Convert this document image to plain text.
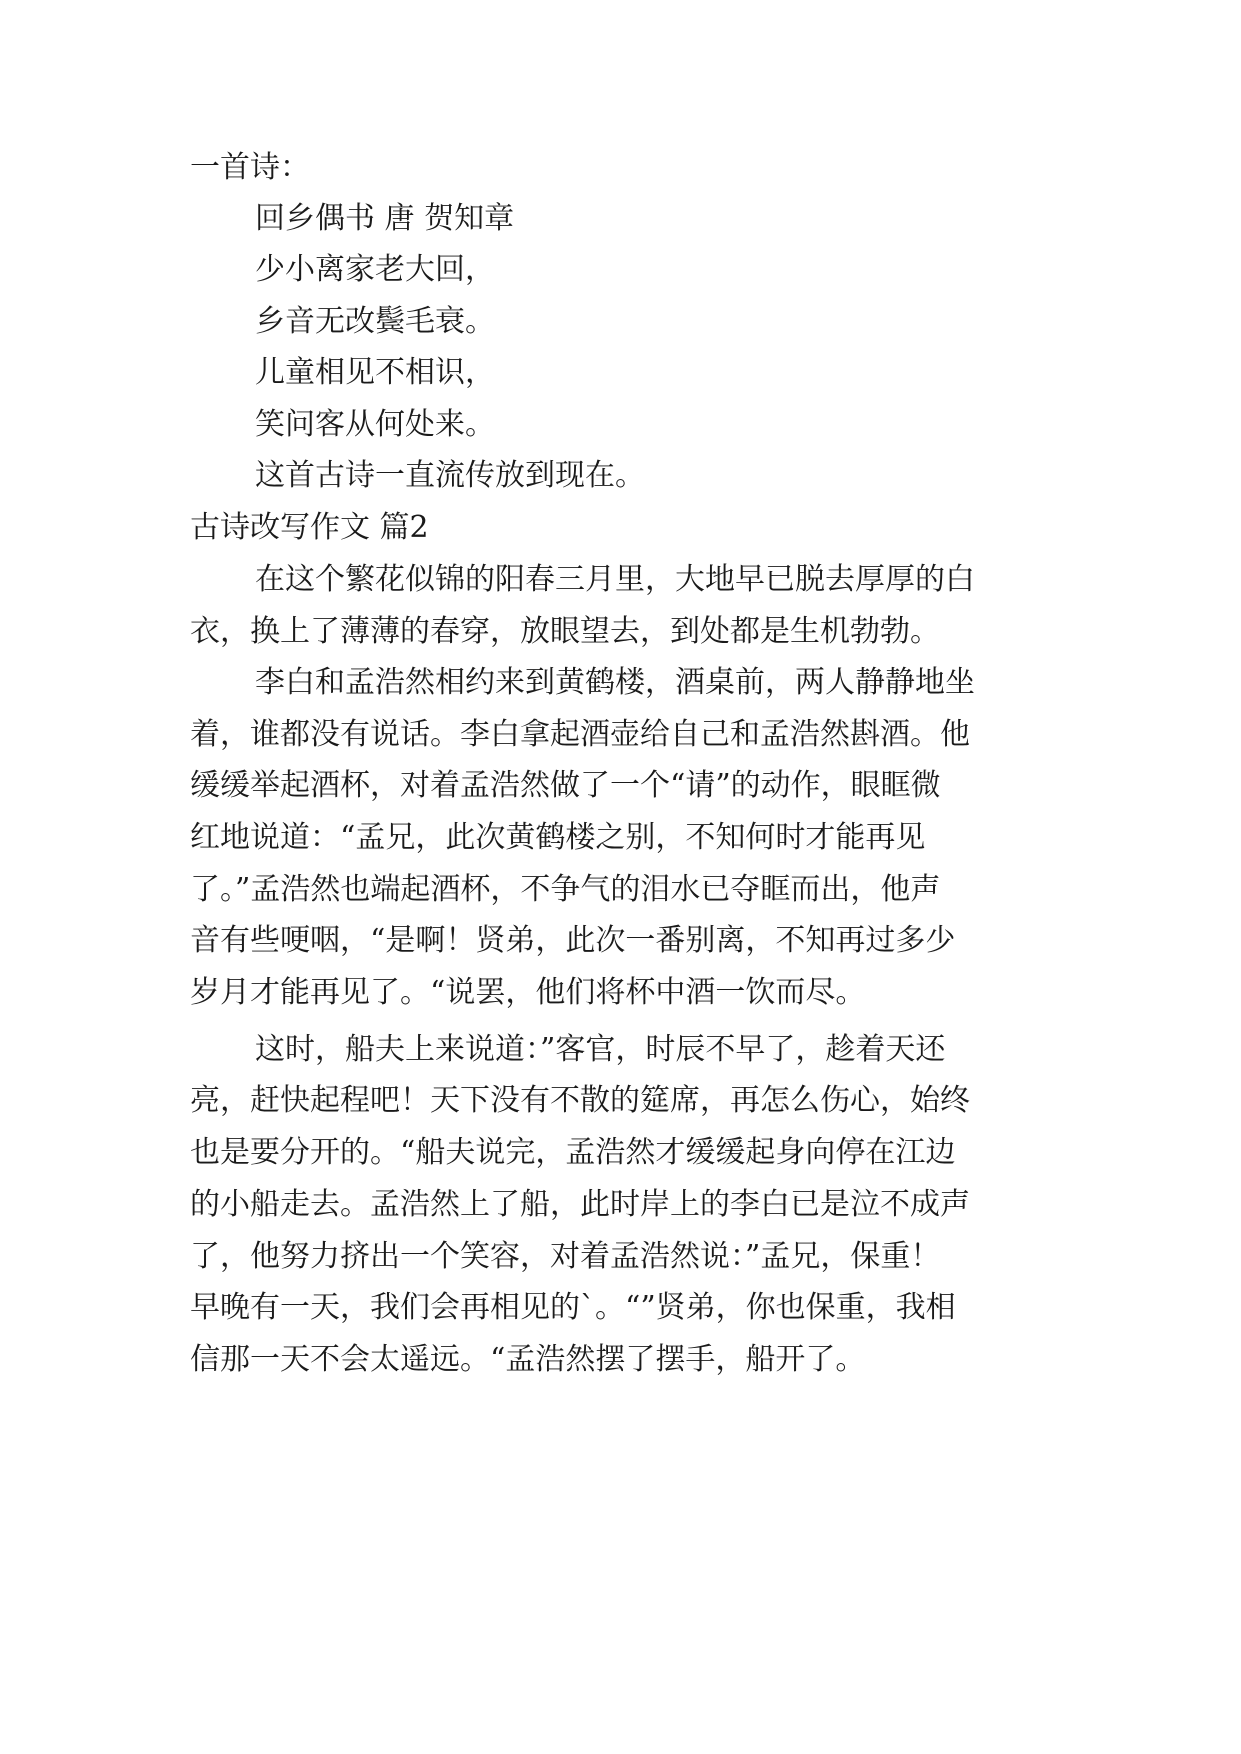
一首诗：
回乡偶书 唐 贺知章
少小离家老大回，
乡音无改鬓毛衰。
儿童相见不相识，
笑问客从何处来。
这首古诗一直流传放到现在。
古诗改写作文 篇2
在这个繁花似锦的阳春三月里，大地早已脱去厚厚的白
衣，换上了薄薄的春穿，放眼望去，到处都是生机勃勃。
李白和孟浩然相约来到黄鹤楼，酒桌前，两人静静地坐
着，谁都没有说话。李白拿起酒壶给自己和孟浩然斟酒。他
缓缓举起酒杯，对着孟浩然做了一个“请”的动作，眼眶微
红地说道：“孟兄，此次黄鹤楼之别，不知何时才能再见
了。”孟浩然也端起酒杯，不争气的泪水已夺眶而出，他声
音有些哽咽，“是啊！贤弟，此次一番别离，不知再过多少
岁月才能再见了。“说罢，他们将杯中酒一饮而尽。
这时，船夫上来说道：”客官，时辰不早了，趁着天还
亮，赶快起程吧！天下没有不散的筵席，再怎么伤心，始终
也是要分开的。“船夫说完，孟浩然才缓缓起身向停在江边
的小船走去。孟浩然上了船，此时岸上的李白已是泣不成声
了，他努力挤出一个笑容，对着孟浩然说：”孟兄，保重！
早晚有一天，我们会再相见的`。“”贤弟，你也保重，我相
信那一天不会太遥远。“孟浩然摆了摆手，船开了。
